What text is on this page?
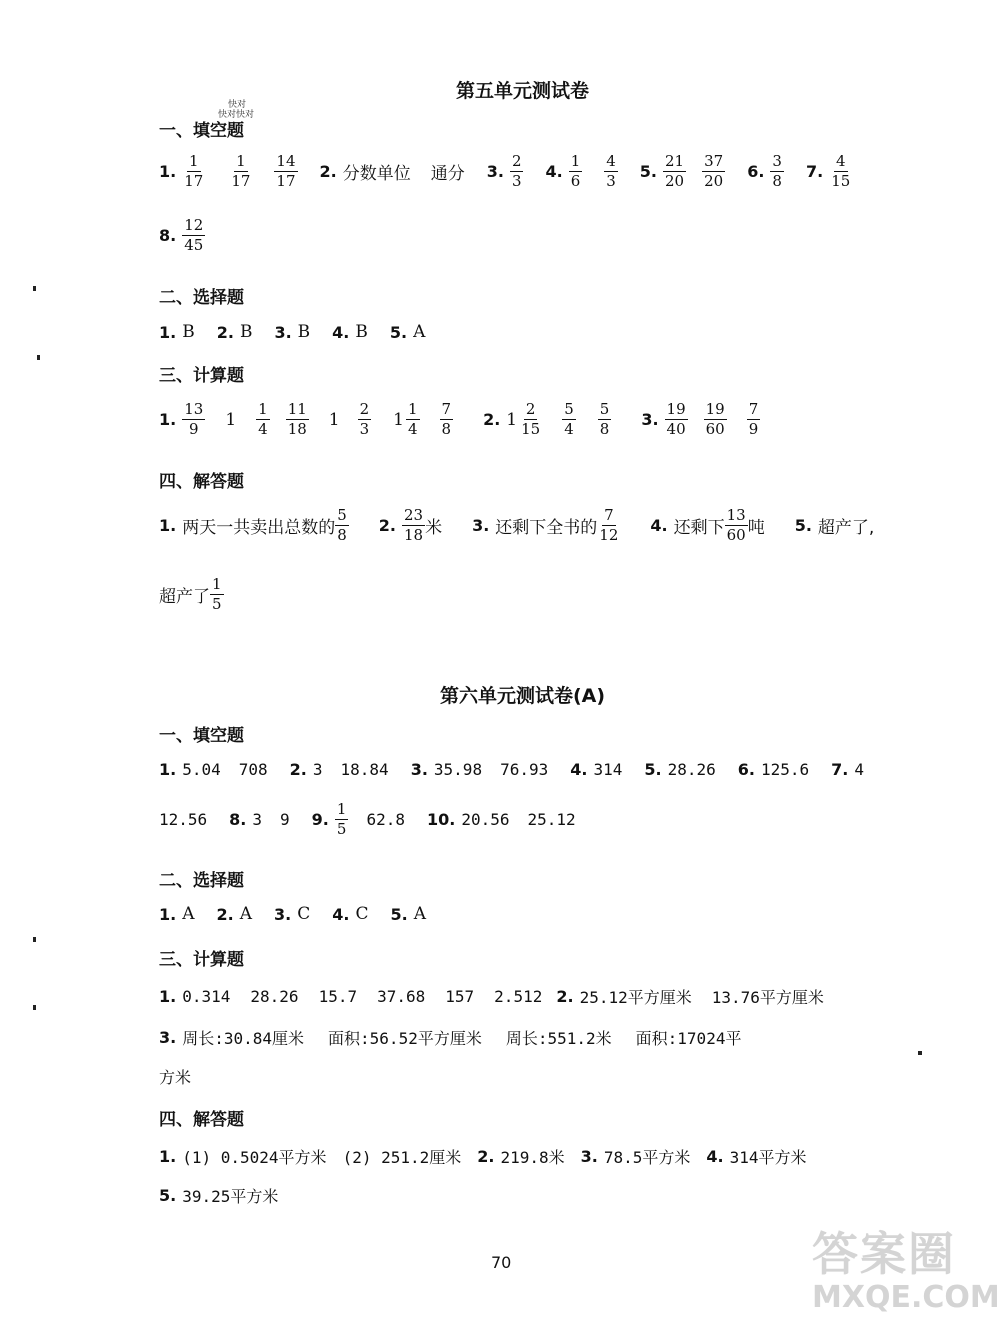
第五单元测试卷
快对
快对快对
一、填空题
1. $\frac{1}{17} \frac{1}{17} \frac{14}{17} 2$. 分数单位 通分 3. $\frac{2}{3} 4$. $\frac{1}{6} \frac{4}{3} 5$. $\frac{21}{20} \frac{37}{20} 6$. $\frac{3}{8} 7$. $\frac{4}{15}$
8. $\frac{12}{45}$
二、选择题
1. B 2. B 3. B 4. B 5. A
三、计算题
1. $\frac{13}{9} 1 \frac{1}{4} \frac{11}{18} 1 \frac{2}{3} 1 \frac{1}{4} \frac{7}{8} 2$. $1 \frac{2}{15} \frac{5}{4} \frac{5}{8} 3$. $\frac{19}{40} \frac{19}{60} \frac{7}{9}$
四、解答题
1. 两天一共卖出总数的 $\frac{5}{8} 2$. $\frac{23}{18}$ 米 3. 还剩下全书的 $\frac{7}{12} 4$. 还剩下 $\frac{13}{60}$ 吨 5. 超产了,
超产了 $\frac{1}{5}$
第六单元测试卷(A)
一、填空题
1. 5.04 708 2. 3 18.84 3. 35.98 76.93 4. 314 5. 28.26 6. 125.6 7. 4
12.56 8. 3 9 9. $\frac{1}{5} 62.8$ 10. 20.56 25.12
二、选择题
1. A 2. A 3. C 4. C 5. A
三、计算题
1. 0.314 28.26 15.7 37.68 157 2.512 2. 25.12平方厘米 13.76平方厘米
3. 周长:30.84厘米 面积:56.52平方厘米 周长:551.2米 面积:17024平
方米
四、解答题
1. (1) 0.5024平方米 (2) 251.2厘米 2. 219.8米 3. 78.5平方米 4. 314平方米
5. 39.25平方米
70	答案圈
MXQE.COM
